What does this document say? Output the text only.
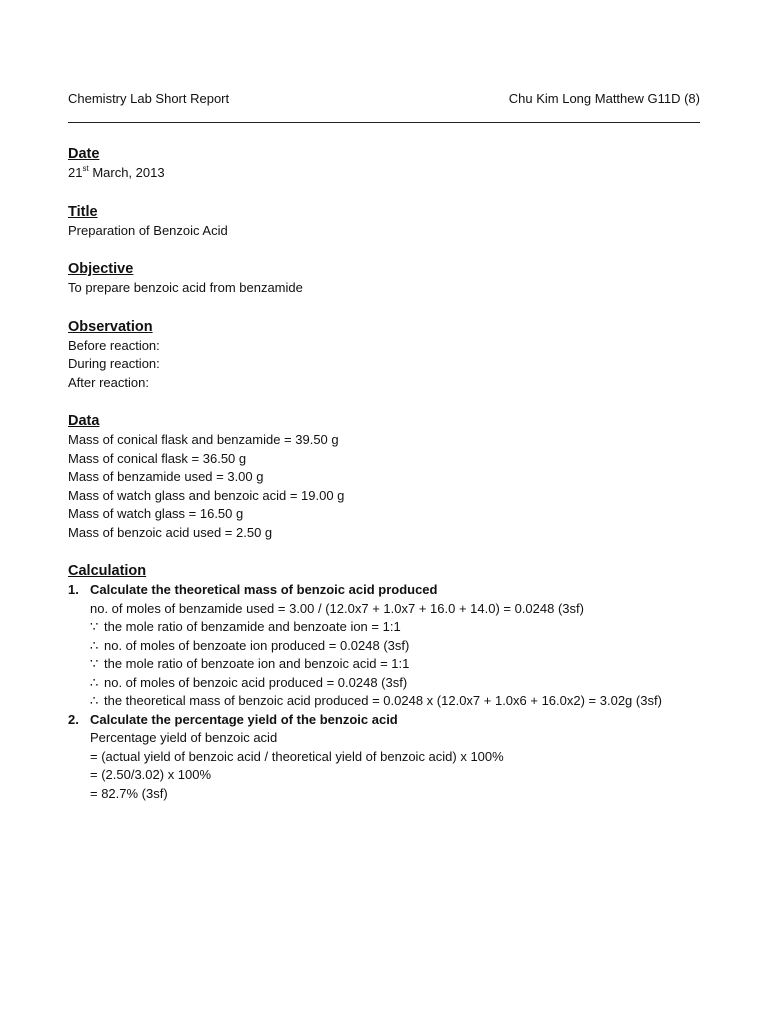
Chemistry Lab Short Report	Chu Kim Long Matthew G11D (8)
Date
21st March, 2013
Title
Preparation of Benzoic Acid
Objective
To prepare benzoic acid from benzamide
Observation
Before reaction:
During reaction:
After reaction:
Data
Mass of conical flask and benzamide = 39.50 g
Mass of conical flask = 36.50 g
Mass of benzamide used = 3.00 g
Mass of watch glass and benzoic acid = 19.00 g
Mass of watch glass = 16.50 g
Mass of benzoic acid used = 2.50 g
Calculation
1. Calculate the theoretical mass of benzoic acid produced
no. of moles of benzamide used = 3.00 / (12.0x7 + 1.0x7 + 16.0 + 14.0) = 0.0248 (3sf)
∵ the mole ratio of benzamide and benzoate ion = 1:1
∴ no. of moles of benzoate ion produced = 0.0248 (3sf)
∵ the mole ratio of benzoate ion and benzoic acid = 1:1
∴ no. of moles of benzoic acid produced = 0.0248 (3sf)
∴ the theoretical mass of benzoic acid produced = 0.0248 x (12.0x7 + 1.0x6 + 16.0x2) = 3.02g (3sf)
2. Calculate the percentage yield of the benzoic acid
Percentage yield of benzoic acid
= (actual yield of benzoic acid / theoretical yield of benzoic acid) x 100%
= (2.50/3.02) x 100%
= 82.7% (3sf)
